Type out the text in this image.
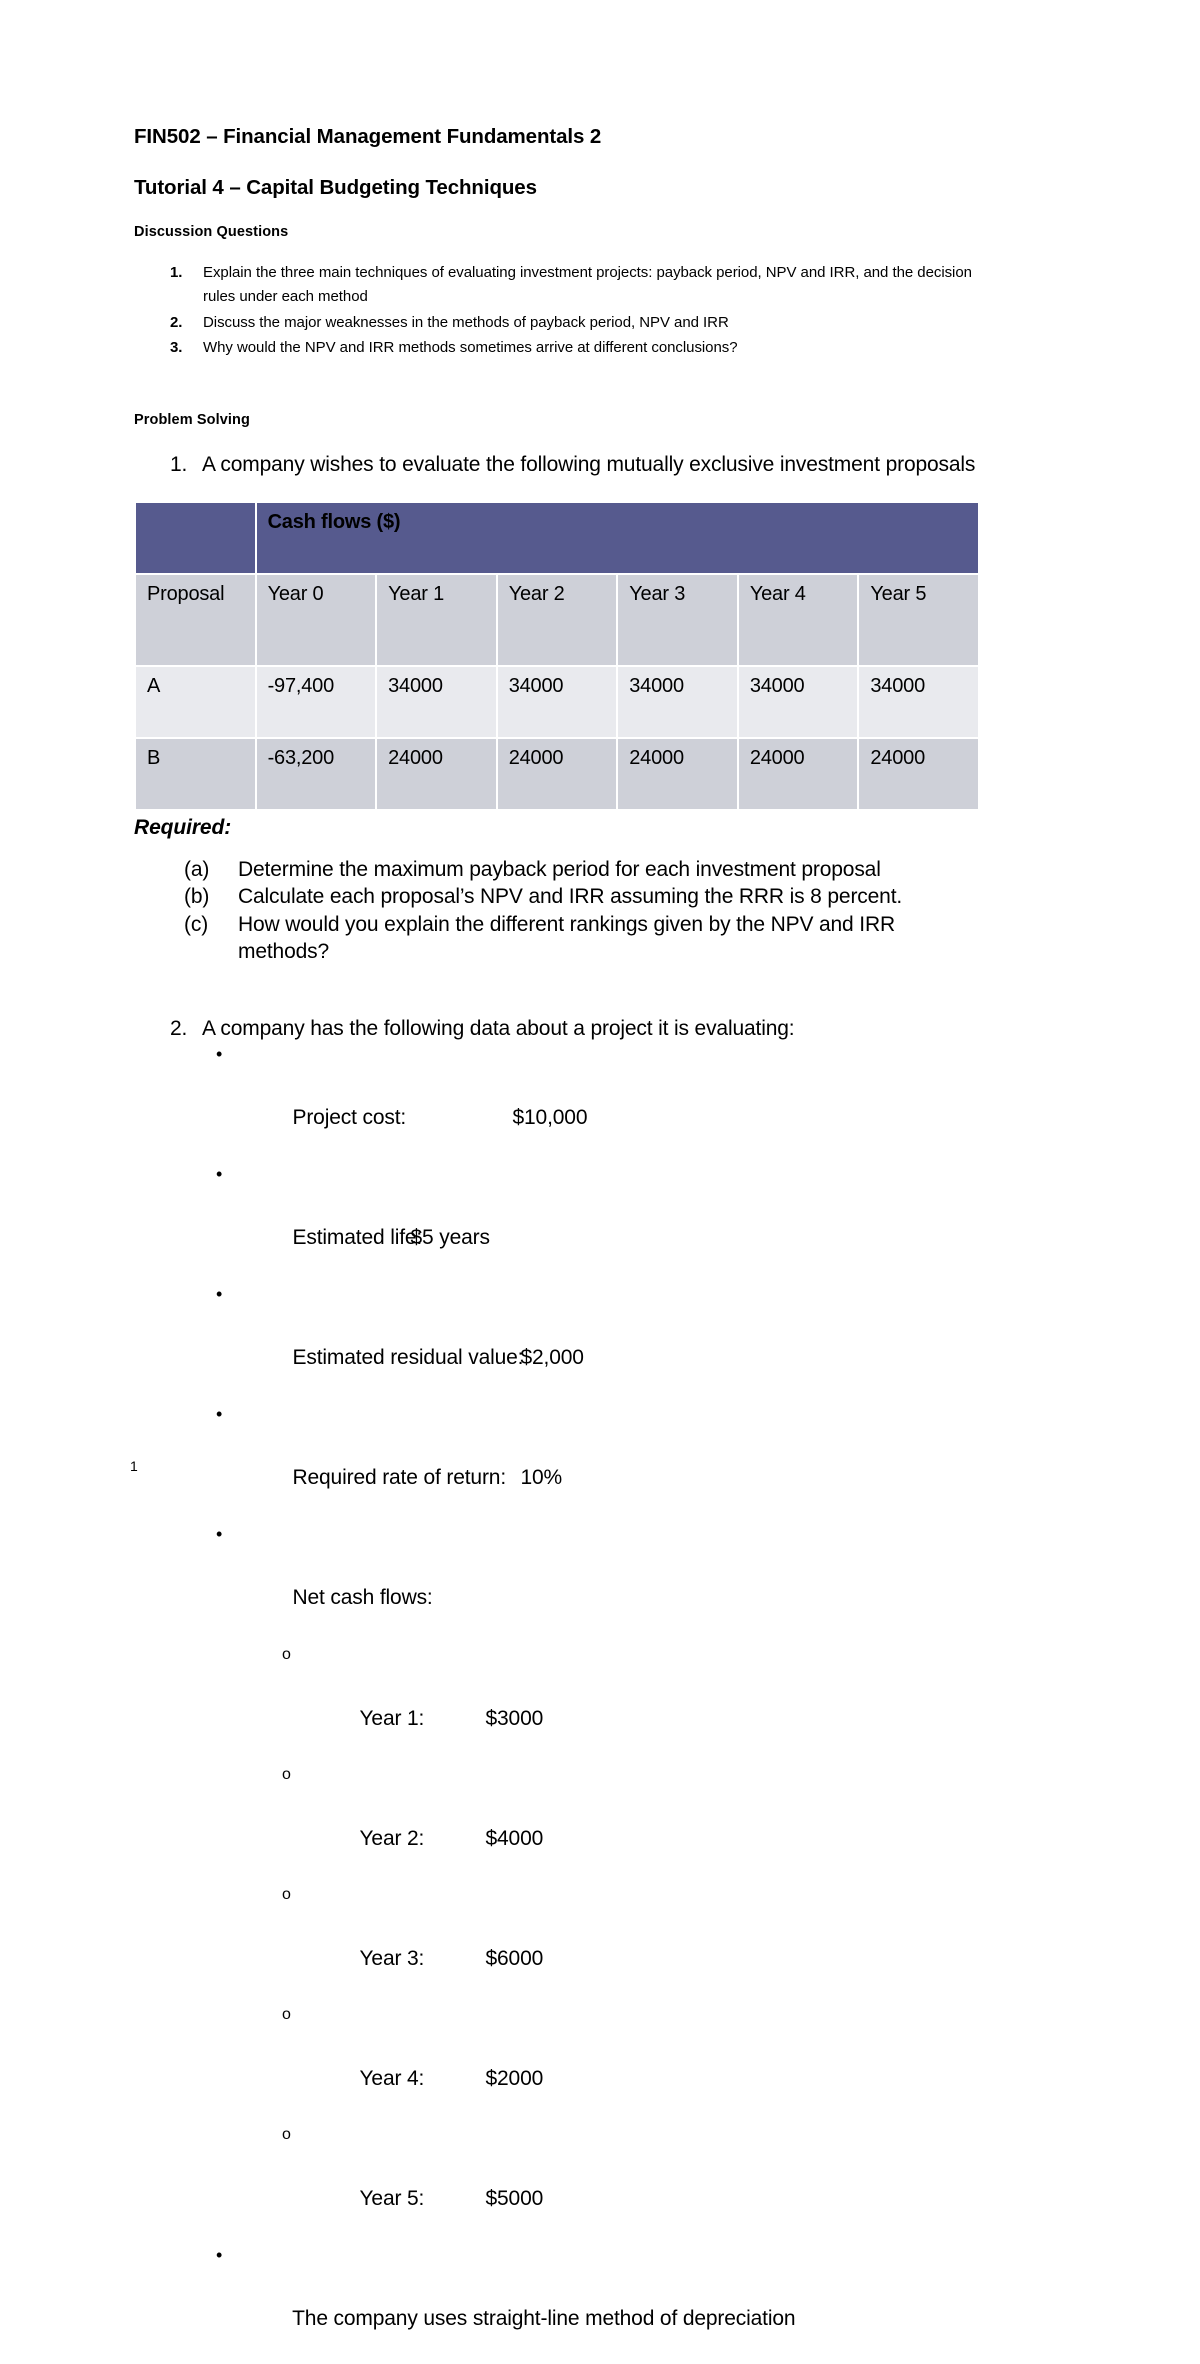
FIN502 – Financial Management Fundamentals 2
Tutorial 4 – Capital Budgeting Techniques
Discussion Questions
1. Explain the three main techniques of evaluating investment projects: payback period, NPV and IRR, and the decision rules under each method
2. Discuss the major weaknesses in the methods of payback period, NPV and IRR
3. Why would the NPV and IRR methods sometimes arrive at different conclusions?
Problem Solving
1. A company wishes to evaluate the following mutually exclusive investment proposals
	Cash flows ($)					
Proposal	Year 0	Year 1	Year 2	Year 3	Year 4	Year 5
A	-97,400	34000	34000	34000	34000	34000
B	-63,200	24000	24000	24000	24000	24000
Required:
(a)	Determine the maximum payback period for each investment proposal
(b)	Calculate each proposal’s NPV and IRR assuming the RRR is 8 percent.
(c)	How would you explain the different rankings given by the NPV and IRR methods?
2. A company has the following data about a project it is evaluating:

•

Project cost:	$10,000

•

Estimated life:$5 years

•

Estimated residual value:$2,000

•

Required rate of return: 10%

•

Net cash flows:

o

Year 1:	$3000

o

Year 2:	$4000

o

Year 3:	$6000

o

Year 4:	$2000

o

Year 5:	$5000

•

The company uses straight-line method of depreciation

1
